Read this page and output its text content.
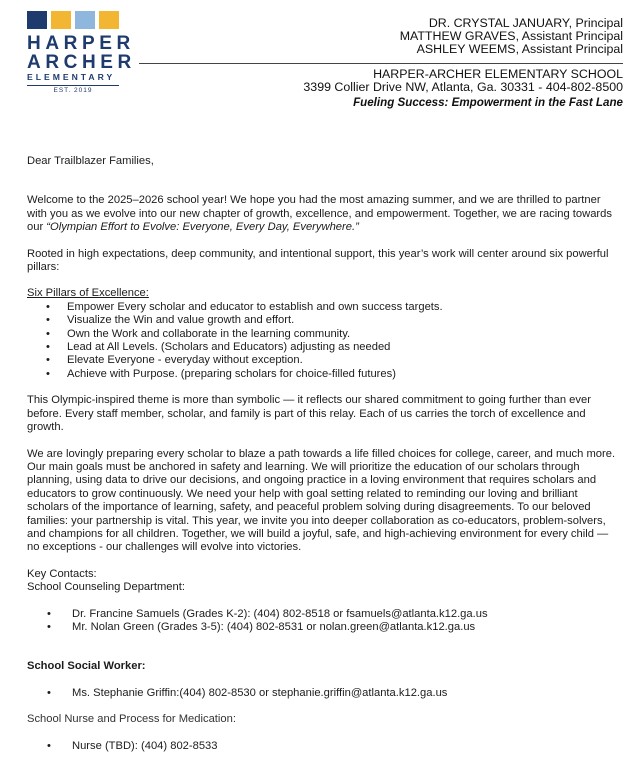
HARPER
ARCHER
ELEMENTARY
EST. 2019
DR. CRYSTAL JANUARY, Principal
MATTHEW GRAVES, Assistant Principal
ASHLEY WEEMS, Assistant Principal
HARPER-ARCHER ELEMENTARY SCHOOL
3399 Collier Drive NW, Atlanta, Ga. 30331 - 404-802-8500
Fueling Success: Empowerment in the Fast Lane

Dear Trailblazer Families,

Welcome to the 2025–2026 school year! We hope you had the most amazing summer, and we are thrilled to partner with you as we evolve into our new chapter of growth, excellence, and empowerment. Together, we are racing towards our “Olympian Effort to Evolve: Everyone, Every Day, Everywhere.”

Rooted in high expectations, deep community, and intentional support, this year’s work will center around six powerful pillars:

Six Pillars of Excellence:

• Empower Every scholar and educator to establish and own success targets.
• Visualize the Win and value growth and effort.
• Own the Work and collaborate in the learning community.
• Lead at All Levels. (Scholars and Educators) adjusting as needed
• Elevate Everyone - everyday without exception.
• Achieve with Purpose. (preparing scholars for choice-filled futures)

This Olympic-inspired theme is more than symbolic — it reflects our shared commitment to going further than ever before. Every staff member, scholar, and family is part of this relay. Each of us carries the torch of excellence and growth.

We are lovingly preparing every scholar to blaze a path towards a life filled choices for college, career, and much more. Our main goals must be anchored in safety and learning. We will prioritize the education of our scholars through planning, using data to drive our decisions, and ongoing practice in a loving environment that requires scholars and educators to grow continuously. We need your help with goal setting related to reminding our loving and brilliant scholars of the importance of learning, safety, and peaceful problem solving during disagreements. To our beloved families: your partnership is vital. This year, we invite you into deeper collaboration as co-educators, problem-solvers, and champions for all children. Together, we will build a joyful, safe, and high-achieving environment for every child — no exceptions - our challenges will evolve into victories.

Key Contacts:

School Counseling Department:

• Dr. Francine Samuels (Grades K-2): (404) 802-8518 or fsamuels@atlanta.k12.ga.us

• Mr. Nolan Green (Grades 3-5): (404) 802-8531 or nolan.green@atlanta.k12.ga.us

School Social Worker:

• Ms. Stephanie Griffin:(404) 802-8530 or stephanie.griffin@atlanta.k12.ga.us

School Nurse and Process for Medication:

• Nurse (TBD): (404) 802-8533
